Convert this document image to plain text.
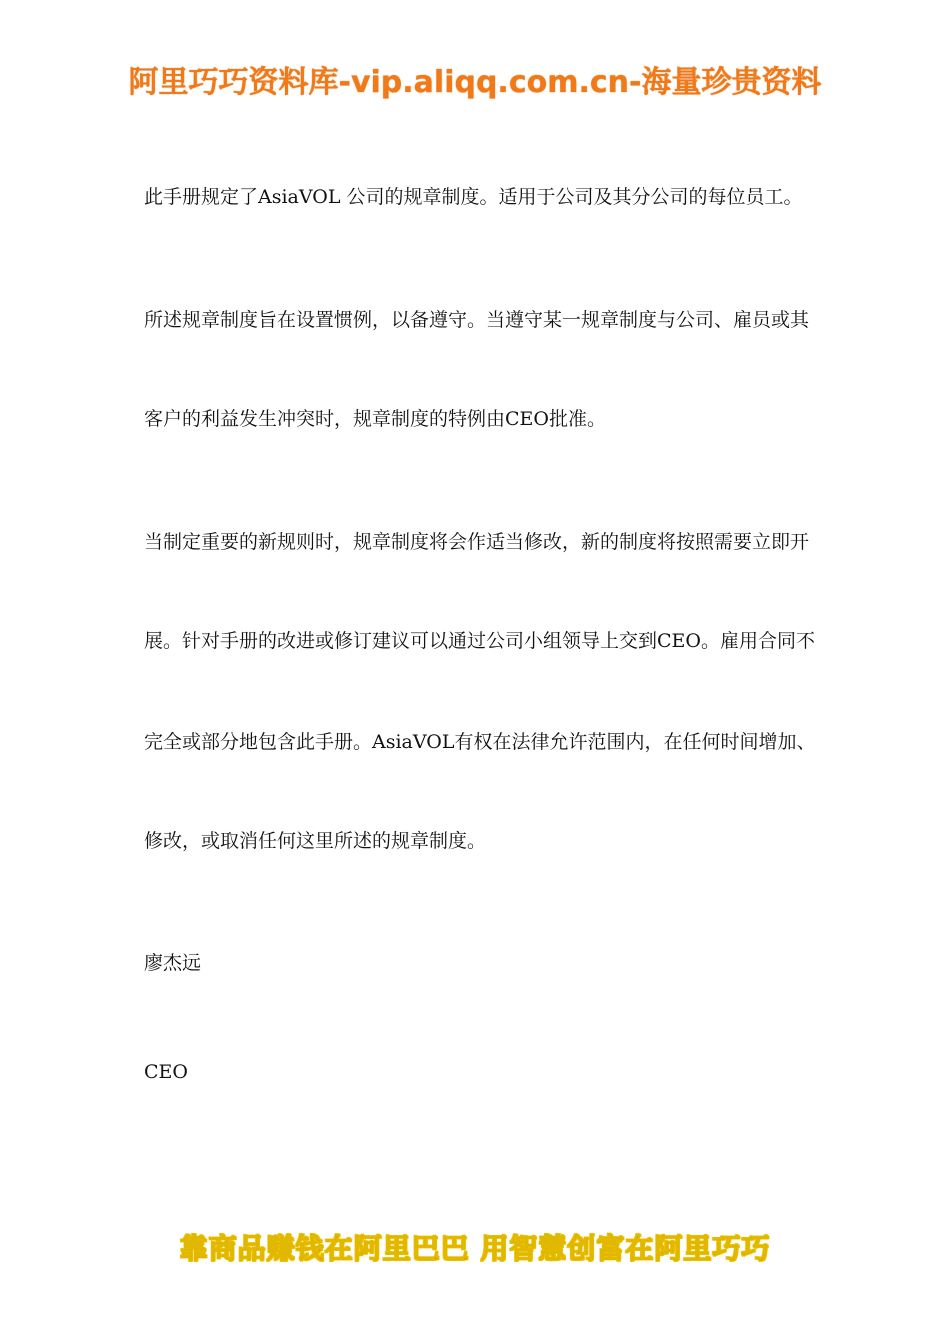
阿里巧巧资料库-vip.aliqq.com.cn-海量珍贵资料
此手册规定了AsiaVOL 公司的规章制度。适用于公司及其分公司的每位员工。
所述规章制度旨在设置惯例，以备遵守。当遵守某一规章制度与公司、雇员或其
客户的利益发生冲突时，规章制度的特例由CEO批准。
当制定重要的新规则时，规章制度将会作适当修改，新的制度将按照需要立即开
展。针对手册的改进或修订建议可以通过公司小组领导上交到CEO。雇用合同不
完全或部分地包含此手册。AsiaVOL有权在法律允许范围内，在任何时间增加、
修改，或取消任何这里所述的规章制度。
廖杰远
CEO
靠商品赚钱在阿里巴巴 用智慧创富在阿里巧巧
